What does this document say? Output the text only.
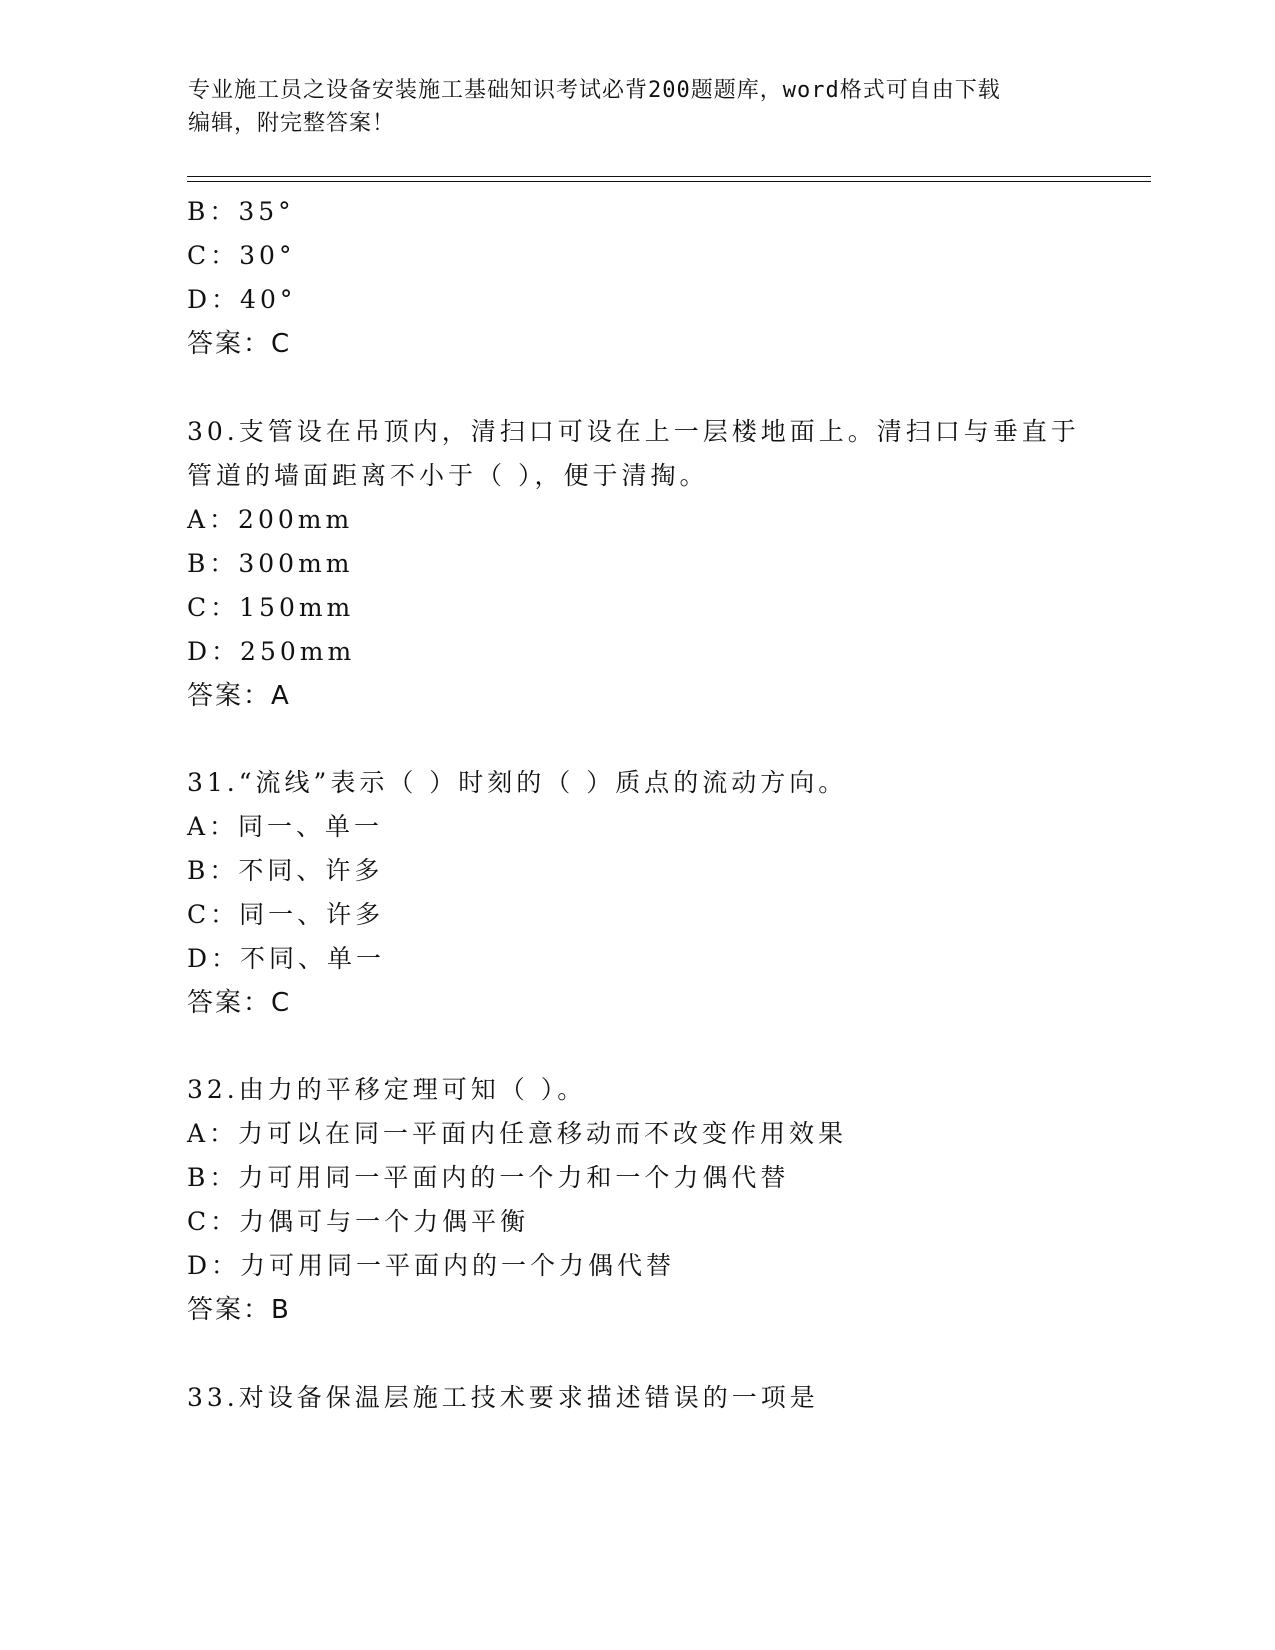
专业施工员之设备安装施工基础知识考试必背200题题库，word格式可自由下载
编辑，附完整答案！
B：35°
C：30°
D：40°
答案：C
30.支管设在吊顶内，清扫口可设在上一层楼地面上。清扫口与垂直于
管道的墙面距离不小于（ ），便于清掏。
A：200mm
B：300mm
C：150mm
D：250mm
答案：A
31.“流线”表示（ ）时刻的（ ）质点的流动方向。
A：同一、单一
B：不同、许多
C：同一、许多
D：不同、单一
答案：C
32.由力的平移定理可知（ ）。
A：力可以在同一平面内任意移动而不改变作用效果
B：力可用同一平面内的一个力和一个力偶代替
C：力偶可与一个力偶平衡
D：力可用同一平面内的一个力偶代替
答案：B
33.对设备保温层施工技术要求描述错误的一项是
